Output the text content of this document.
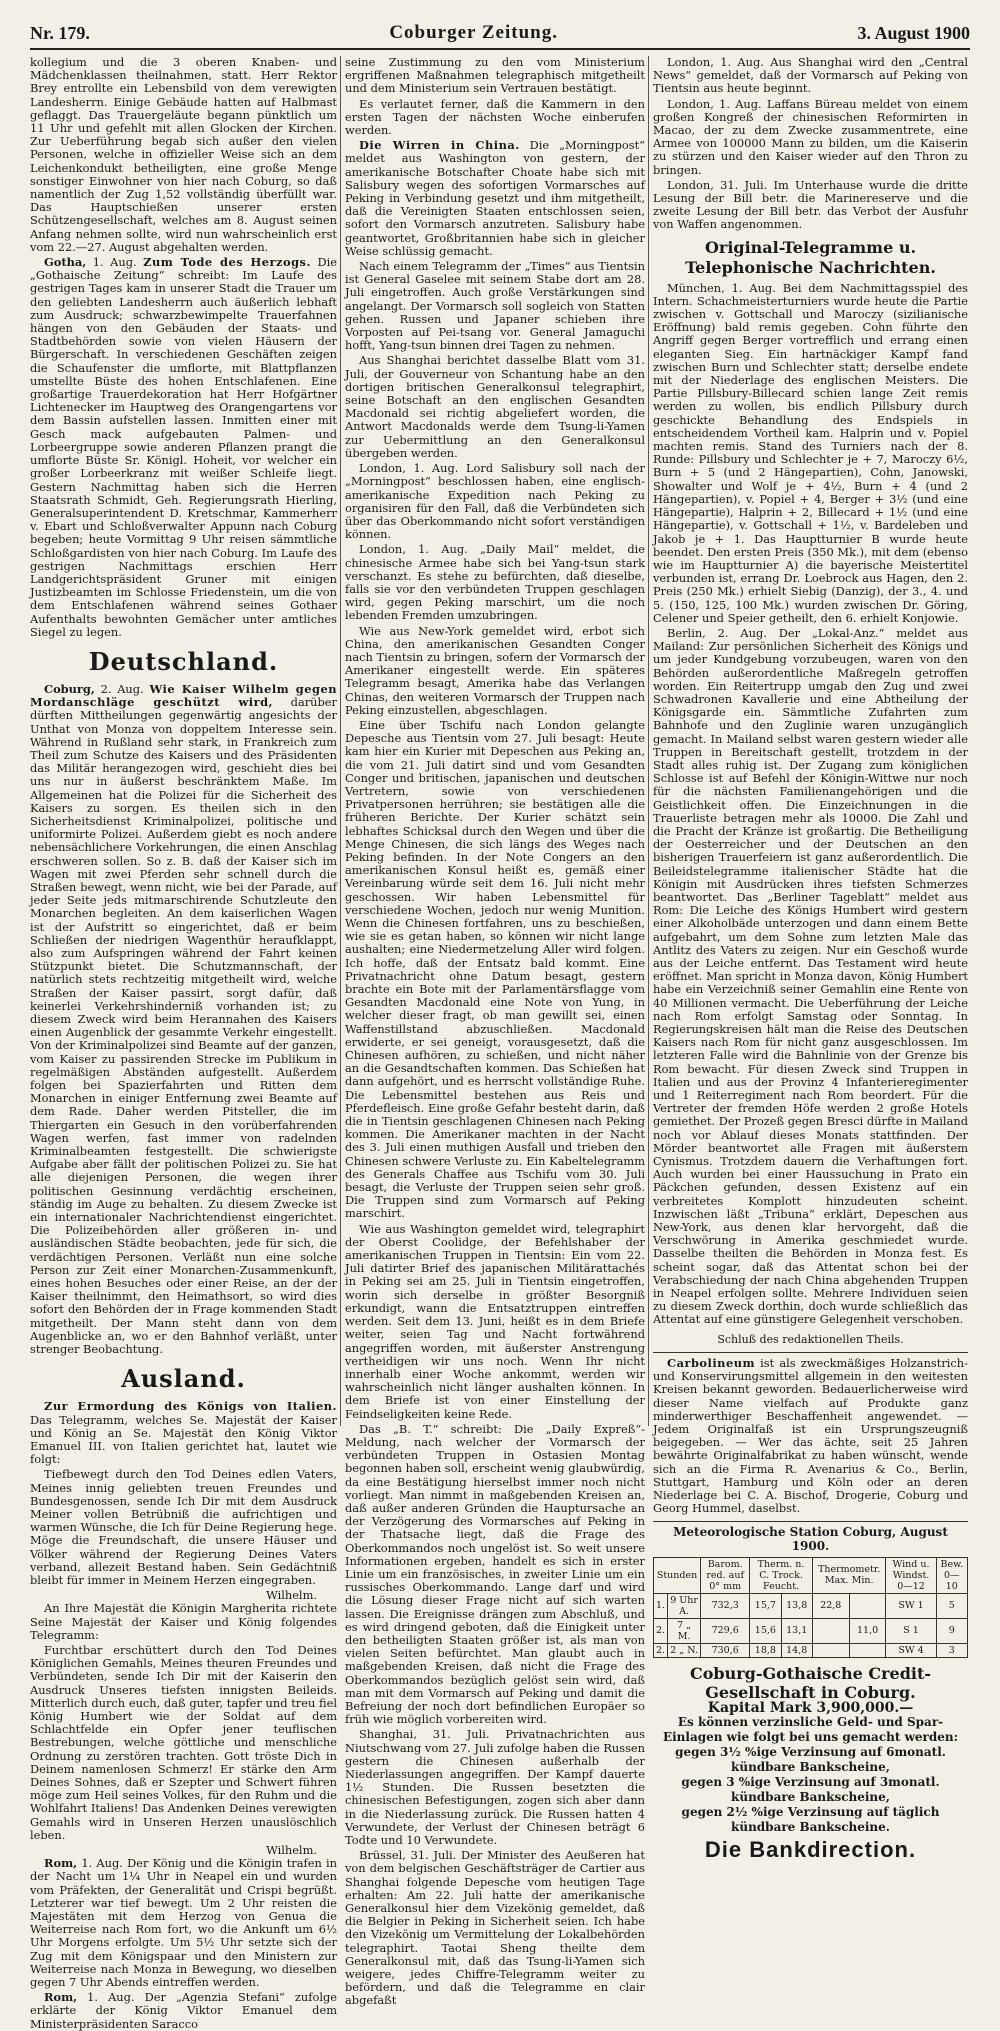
Nr. 179.	Coburger Zeitung.	3. August 1900

kollegium und die 3 oberen Knaben- und Mädchenklassen theilnahmen, statt. Herr Rektor Brey entrollte ein Lebensbild von dem verewigten Landesherrn. Einige Gebäude hatten auf Halbmast geflaggt. Das Trauergeläute begann pünktlich um 11 Uhr und gefehlt mit allen Glocken der Kirchen. Zur Ueberführung begab sich außer den vielen Personen, welche in offizieller Weise sich an dem Leichenkondukt betheiligten, eine große Menge sonstiger Einwohner von hier nach Coburg, so daß namentlich der Zug 1,52 vollständig überfüllt war. Das Hauptschießen unserer ersten Schützengesellschaft, welches am 8. August seinen Anfang nehmen sollte, wird nun wahrscheinlich erst vom 22.—27. August abgehalten werden.

Gotha, 1. Aug. Zum Tode des Herzogs. Die „Gothaische Zeitung“ schreibt: Im Laufe des gestrigen Tages kam in unserer Stadt die Trauer um den geliebten Landesherrn auch äußerlich lebhaft zum Ausdruck; schwarzbewimpelte Trauerfahnen hängen von den Gebäuden der Staats- und Stadtbehörden sowie von vielen Häusern der Bürgerschaft. In verschiedenen Geschäften zeigen die Schaufenster die umflorte, mit Blattpflanzen umstellte Büste des hohen Entschlafenen. Eine großartige Trauerdekoration hat Herr Hofgärtner Lichtenecker im Hauptweg des Orangengartens vor dem Bassin aufstellen lassen. Inmitten einer mit Gesch mack aufgebauten Palmen- und Lorbeergruppe sowie anderen Pflanzen prangt die umflorte Büste Sr. Königl. Hoheit, vor welcher ein großer Lorbeerkranz mit weißer Schleife liegt. Gestern Nachmittag haben sich die Herren Staatsrath Schmidt, Geh. Regierungsrath Hierling, Generalsuperintendent D. Kretschmar, Kammerherr v. Ebart und Schloßverwalter Appunn nach Coburg begeben; heute Vormittag 9 Uhr reisen sämmtliche Schloßgardisten von hier nach Coburg. Im Laufe des gestrigen Nachmittags erschien Herr Landgerichtspräsident Gruner mit einigen Justizbeamten im Schlosse Friedenstein, um die von dem Entschlafenen während seines Gothaer Aufenthalts bewohnten Gemächer unter amtliches Siegel zu legen.

Deutschland.

Coburg, 2. Aug. Wie Kaiser Wilhelm gegen Mordanschläge geschützt wird, darüber dürften Mittheilungen gegenwärtig angesichts der Unthat von Monza von doppeltem Interesse sein. Während in Rußland sehr stark, in Frankreich zum Theil zum Schutze des Kaisers und des Präsidenten das Militär herangezogen wird, geschieht dies bei uns nur in äußerst beschränktem Maße. Im Allgemeinen hat die Polizei für die Sicherheit des Kaisers zu sorgen. Es theilen sich in den Sicherheitsdienst Kriminalpolizei, politische und uniformirte Polizei. Außerdem giebt es noch andere nebensächlichere Vorkehrungen, die einen Anschlag erschweren sollen. So z. B. daß der Kaiser sich im Wagen mit zwei Pferden sehr schnell durch die Straßen bewegt, wenn nicht, wie bei der Parade, auf jeder Seite jeds mitmarschirende Schutzleute den Monarchen begleiten. An dem kaiserlichen Wagen ist der Aufstritt so eingerichtet, daß er beim Schließen der niedrigen Wagenthür heraufklappt, also zum Aufspringen während der Fahrt keinen Stützpunkt bietet. Die Schutzmannschaft, der natürlich stets rechtzeitig mitgetheilt wird, welche Straßen der Kaiser passirt, sorgt dafür, daß keinerlei Verkehrshinderniß vorhanden ist; zu diesem Zweck wird beim Herannahen des Kaisers einen Augenblick der gesammte Verkehr eingestellt. Von der Kriminalpolizei sind Beamte auf der ganzen, vom Kaiser zu passirenden Strecke im Publikum in regelmäßigen Abständen aufgestellt. Außerdem folgen bei Spazierfahrten und Ritten dem Monarchen in einiger Entfernung zwei Beamte auf dem Rade. Daher werden Pitsteller, die im Thiergarten ein Gesuch in den vorüberfahrenden Wagen werfen, fast immer von radelnden Kriminalbeamten festgestellt. Die schwierigste Aufgabe aber fällt der politischen Polizei zu. Sie hat alle diejenigen Personen, die wegen ihrer politischen Gesinnung verdächtig erscheinen, ständig im Auge zu behalten. Zu diesem Zwecke ist ein internationaler Nachrichtendienst eingerichtet. Die Polizeibehörden aller größeren in- und ausländischen Städte beobachten, jede für sich, die verdächtigen Personen. Verläßt nun eine solche Person zur Zeit einer Monarchen-Zusammenkunft, eines hohen Besuches oder einer Reise, an der der Kaiser theilnimmt, den Heimathsort, so wird dies sofort den Behörden der in Frage kommenden Stadt mitgetheilt. Der Mann steht dann von dem Augenblicke an, wo er den Bahnhof verläßt, unter strenger Beobachtung.

Ausland.

Zur Ermordung des Königs von Italien. Das Telegramm, welches Se. Majestät der Kaiser und König an Se. Majestät den König Viktor Emanuel III. von Italien gerichtet hat, lautet wie folgt:

Tiefbewegt durch den Tod Deines edlen Vaters, Meines innig geliebten treuen Freundes und Bundesgenossen, sende Ich Dir mit dem Ausdruck Meiner vollen Betrübniß die aufrichtigen und warmen Wünsche, die Ich für Deine Regierung hege. Möge die Freundschaft, die unsere Häuser und Völker während der Regierung Deines Vaters verband, allezeit Bestand haben. Sein Gedächtniß bleibt für immer in Meinem Herzen eingegraben.

Wilhelm.

An Ihre Majestät die Königin Margherita richtete Seine Majestät der Kaiser und König folgendes Telegramm:

Furchtbar erschüttert durch den Tod Deines Königlichen Gemahls, Meines theuren Freundes und Verbündeten, sende Ich Dir mit der Kaiserin den Ausdruck Unseres tiefsten innigsten Beileids. Mitterlich durch euch, daß guter, tapfer und treu fiel König Humbert wie der Soldat auf dem Schlachtfelde ein Opfer jener teuflischen Bestrebungen, welche göttliche und menschliche Ordnung zu zerstören trachten. Gott tröste Dich in Deinem namenlosen Schmerz! Er stärke den Arm Deines Sohnes, daß er Szepter und Schwert führen möge zum Heil seines Volkes, für den Ruhm und die Wohlfahrt Italiens! Das Andenken Deines verewigten Gemahls wird in Unseren Herzen unauslöschlich leben.

Wilhelm.

Rom, 1. Aug. Der König und die Königin trafen in der Nacht um 1¼ Uhr in Neapel ein und wurden vom Präfekten, der Generalität und Crispi begrüßt. Letzterer war tief bewegt. Um 2 Uhr reisten die Majestäten mit dem Herzog von Genua die Weiterreise nach Rom fort, wo die Ankunft um 6½ Uhr Morgens erfolgte. Um 5½ Uhr setzte sich der Zug mit dem Königspaar und den Ministern zur Weiterreise nach Monza in Bewegung, wo dieselben gegen 7 Uhr Abends eintreffen werden.

Rom, 1. Aug. Der „Agenzia Stefani“ zufolge erklärte der König Viktor Emanuel dem Ministerpräsidenten Saracco

seine Zustimmung zu den vom Ministerium ergriffenen Maßnahmen telegraphisch mitgetheilt und dem Ministerium sein Vertrauen bestätigt.

Es verlautet ferner, daß die Kammern in den ersten Tagen der nächsten Woche einberufen werden.

Die Wirren in China. Die „Morningpost“ meldet aus Washington von gestern, der amerikanische Botschafter Choate habe sich mit Salisbury wegen des sofortigen Vormarsches auf Peking in Verbindung gesetzt und ihm mitgetheilt, daß die Vereinigten Staaten entschlossen seien, sofort den Vormarsch anzutreten. Salisbury habe geantwortet, Großbritannien habe sich in gleicher Weise schlüssig gemacht.

Nach einem Telegramm der „Times“ aus Tientsin ist General Gaselee mit seinem Stabe dort am 28. Juli eingetroffen. Auch große Verstärkungen sind angelangt. Der Vormarsch soll sogleich von Statten gehen. Russen und Japaner schieben ihre Vorposten auf Pei-tsang vor. General Jamaguchi hofft, Yang-tsun binnen drei Tagen zu nehmen.

Aus Shanghai berichtet dasselbe Blatt vom 31. Juli, der Gouverneur von Schantung habe an den dortigen britischen Generalkonsul telegraphirt, seine Botschaft an den englischen Gesandten Macdonald sei richtig abgeliefert worden, die Antwort Macdonalds werde dem Tsung-li-Yamen zur Uebermittlung an den Generalkonsul übergeben werden.

London, 1. Aug. Lord Salisbury soll nach der „Morningpost“ beschlossen haben, eine englisch-amerikanische Expedition nach Peking zu organisiren für den Fall, daß die Verbündeten sich über das Oberkommando nicht sofort verständigen können.

London, 1. Aug. „Daily Mail“ meldet, die chinesische Armee habe sich bei Yang-tsun stark verschanzt. Es stehe zu befürchten, daß dieselbe, falls sie vor den verbündeten Truppen geschlagen wird, gegen Peking marschirt, um die noch lebenden Fremden umzubringen.

Wie aus New-York gemeldet wird, erbot sich China, den amerikanischen Gesandten Conger nach Tientsin zu bringen, sofern der Vormarsch der Amerikaner eingestellt werde. Ein späteres Telegramm besagt, Amerika habe das Verlangen Chinas, den weiteren Vormarsch der Truppen nach Peking einzustellen, abgeschlagen.

Eine über Tschifu nach London gelangte Depesche aus Tientsin vom 27. Juli besagt: Heute kam hier ein Kurier mit Depeschen aus Peking an, die vom 21. Juli datirt sind und vom Gesandten Conger und britischen, japanischen und deutschen Vertretern, sowie von verschiedenen Privatpersonen herrühren; sie bestätigen alle die früheren Berichte. Der Kurier schätzt sein lebhaftes Schicksal durch den Wegen und über die Menge Chinesen, die sich längs des Weges nach Peking befinden. In der Note Congers an den amerikanischen Konsul heißt es, gemäß einer Vereinbarung würde seit dem 16. Juli nicht mehr geschossen. Wir haben Lebensmittel für verschiedene Wochen, jedoch nur wenig Munition. Wenn die Chinesen fortfahren, uns zu beschießen, wie sie es getan haben, so können wir nicht lange aushalten; eine Niedermetzelung Aller wird folgen. Ich hoffe, daß der Entsatz bald kommt. Eine Privatnachricht ohne Datum besagt, gestern brachte ein Bote mit der Parlamentärsflagge vom Gesandten Macdonald eine Note von Yung, in welcher dieser fragt, ob man gewillt sei, einen Waffenstillstand abzuschließen. Macdonald erwiderte, er sei geneigt, vorausgesetzt, daß die Chinesen aufhören, zu schießen, und nicht näher an die Gesandtschaften kommen. Das Schießen hat dann aufgehört, und es herrscht vollständige Ruhe. Die Lebensmittel bestehen aus Reis und Pferdefleisch. Eine große Gefahr besteht darin, daß die in Tientsin geschlagenen Chinesen nach Peking kommen. Die Amerikaner machten in der Nacht des 3. Juli einen muthigen Ausfall und trieben den Chinesen schwere Verluste zu. Ein Kabeltelegramm des Generals Chaffee aus Tschifu vom 30. Juli besagt, die Verluste der Truppen seien sehr groß. Die Truppen sind zum Vormarsch auf Peking marschirt.

Wie aus Washington gemeldet wird, telegraphirt der Oberst Coolidge, der Befehlshaber der amerikanischen Truppen in Tientsin: Ein vom 22. Juli datirter Brief des japanischen Militärattachés in Peking sei am 25. Juli in Tientsin eingetroffen, worin sich derselbe in größter Besorgniß erkundigt, wann die Entsatztruppen eintreffen werden. Seit dem 13. Juni, heißt es in dem Briefe weiter, seien Tag und Nacht fortwährend angegriffen worden, mit äußerster Anstrengung vertheidigen wir uns noch. Wenn Ihr nicht innerhalb einer Woche ankommt, werden wir wahrscheinlich nicht länger aushalten können. In dem Briefe ist von einer Einstellung der Feindseligkeiten keine Rede.

Das „B. T.“ schreibt: Die „Daily Expreß“-Meldung, nach welcher der Vormarsch der verbündeten Truppen in Ostasien Montag begonnen haben soll, erscheint wenig glaubwürdig, da eine Bestätigung hierselbst immer noch nicht vorliegt. Man nimmt in maßgebenden Kreisen an, daß außer anderen Gründen die Hauptursache an der Verzögerung des Vormarsches auf Peking in der Thatsache liegt, daß die Frage des Oberkommandos noch ungelöst ist. So weit unsere Informationen ergeben, handelt es sich in erster Linie um ein französisches, in zweiter Linie um ein russisches Oberkommando. Lange darf und wird die Lösung dieser Frage nicht auf sich warten lassen. Die Ereignisse drängen zum Abschluß, und es wird dringend geboten, daß die Einigkeit unter den betheiligten Staaten größer ist, als man von vielen Seiten befürchtet. Man glaubt auch in maßgebenden Kreisen, daß nicht die Frage des Oberkommandos bezüglich gelöst sein wird, daß man mit dem Vormarsch auf Peking und damit die Befreiung der noch dort befindlichen Europäer so früh wie möglich vorbereiten wird.

Shanghai, 31. Juli. Privatnachrichten aus Niutschwang vom 27. Juli zufolge haben die Russen gestern die Chinesen außerhalb der Niederlassungen angegriffen. Der Kampf dauerte 1½ Stunden. Die Russen besetzten die chinesischen Befestigungen, zogen sich aber dann in die Niederlassung zurück. Die Russen hatten 4 Verwundete, der Verlust der Chinesen beträgt 6 Todte und 10 Verwundete.

Brüssel, 31. Juli. Der Minister des Aeußeren hat von dem belgischen Geschäftsträger de Cartier aus Shanghai folgende Depesche vom heutigen Tage erhalten: Am 22. Juli hatte der amerikanische Generalkonsul hier dem Vizekönig gemeldet, daß die Belgier in Peking in Sicherheit seien. Ich habe den Vizekönig um Vermittelung der Lokalbehörden telegraphirt. Taotai Sheng theilte dem Generalkonsul mit, daß das Tsung-li-Yamen sich weigere, jedes Chiffre-Telegramm weiter zu befördern, und daß die Telegramme en clair abgefaßt

London, 1. Aug. Aus Shanghai wird den „Central News“ gemeldet, daß der Vormarsch auf Peking von Tientsin aus heute beginnt.

London, 1. Aug. Laffans Büreau meldet von einem großen Kongreß der chinesischen Reformirten in Macao, der zu dem Zwecke zusammentrete, eine Armee von 100000 Mann zu bilden, um die Kaiserin zu stürzen und den Kaiser wieder auf den Thron zu bringen.

London, 31. Juli. Im Unterhause wurde die dritte Lesung der Bill betr. die Marinereserve und die zweite Lesung der Bill betr. das Verbot der Ausfuhr von Waffen angenommen.

Original-Telegramme u. Telephonische Nachrichten.

München, 1. Aug. Bei dem Nachmittagsspiel des Intern. Schachmeisterturniers wurde heute die Partie zwischen v. Gottschall und Maroczy (sizilianische Eröffnung) bald remis gegeben. Cohn führte den Angriff gegen Berger vortrefflich und errang einen eleganten Sieg. Ein hartnäckiger Kampf fand zwischen Burn und Schlechter statt; derselbe endete mit der Niederlage des englischen Meisters. Die Partie Pillsbury-Billecard schien lange Zeit remis werden zu wollen, bis endlich Pillsbury durch geschickte Behandlung des Endspiels in entscheidendem Vortheil kam. Halprin und v. Popiel machten remis. Stand des Turniers nach der 8. Runde: Pillsbury und Schlechter je + 7, Maroczy 6½, Burn + 5 (und 2 Hängepartien), Cohn, Janowski, Showalter und Wolf je + 4½, Burn + 4 (und 2 Hängepartien), v. Popiel + 4, Berger + 3½ (und eine Hängepartie), Halprin + 2, Billecard + 1½ (und eine Hängepartie), v. Gottschall + 1½, v. Bardeleben und Jakob je + 1. Das Hauptturnier B wurde heute beendet. Den ersten Preis (350 Mk.), mit dem (ebenso wie im Hauptturnier A) die bayerische Meistertitel verbunden ist, errang Dr. Loebrock aus Hagen, den 2. Preis (250 Mk.) erhielt Siebig (Danzig), der 3., 4. und 5. (150, 125, 100 Mk.) wurden zwischen Dr. Göring, Celener und Speier getheilt, den 6. erhielt Konjowie.

Berlin, 2. Aug. Der „Lokal-Anz.“ meldet aus Mailand: Zur persönlichen Sicherheit des Königs und um jeder Kundgebung vorzubeugen, waren von den Behörden außerordentliche Maßregeln getroffen worden. Ein Reitertrupp umgab den Zug und zwei Schwadronen Kavallerie und eine Abtheilung der Königsgarde ein. Sämmtliche Zufahrten zum Bahnhofe und den Zuglinie waren unzugänglich gemacht. In Mailand selbst waren gestern wieder alle Truppen in Bereitschaft gestellt, trotzdem in der Stadt alles ruhig ist. Der Zugang zum königlichen Schlosse ist auf Befehl der Königin-Wittwe nur noch für die nächsten Familienangehörigen und die Geistlichkeit offen. Die Einzeichnungen in die Trauerliste betragen mehr als 10000. Die Zahl und die Pracht der Kränze ist großartig. Die Betheiligung der Oesterreicher und der Deutschen an den bisherigen Trauerfeiern ist ganz außerordentlich. Die Beileidstelegramme italienischer Städte hat die Königin mit Ausdrücken ihres tiefsten Schmerzes beantwortet. Das „Berliner Tageblatt“ meldet aus Rom: Die Leiche des Königs Humbert wird gestern einer Alkoholbäde unterzogen und dann einem Bette aufgebahrt, um dem Sohne zum letzten Male das Antlitz des Vaters zu zeigen. Nur ein Geschoß wurde aus der Leiche entfernt. Das Testament wird heute eröffnet. Man spricht in Monza davon, König Humbert habe ein Verzeichniß seiner Gemahlin eine Rente von 40 Millionen vermacht. Die Ueberführung der Leiche nach Rom erfolgt Samstag oder Sonntag. In Regierungskreisen hält man die Reise des Deutschen Kaisers nach Rom für nicht ganz ausgeschlossen. Im letzteren Falle wird die Bahnlinie von der Grenze bis Rom bewacht. Für diesen Zweck sind Truppen in Italien und aus der Provinz 4 Infanterieregimenter und 1 Reiterregiment nach Rom beordert. Für die Vertreter der fremden Höfe werden 2 große Hotels gemiethet. Der Prozeß gegen Bresci dürfte in Mailand noch vor Ablauf dieses Monats stattfinden. Der Mörder beantwortet alle Fragen mit äußerstem Cynismus. Trotzdem dauern die Verhaftungen fort. Auch wurden bei einer Haussuchung in Prato ein Päckchen gefunden, dessen Existenz auf ein verbreitetes Komplott hinzudeuten scheint. Inzwischen läßt „Tribuna“ erklärt, Depeschen aus New-York, aus denen klar hervorgeht, daß die Verschwörung in Amerika geschmiedet wurde. Dasselbe theilten die Behörden in Monza fest. Es scheint sogar, daß das Attentat schon bei der Verabschiedung der nach China abgehenden Truppen in Neapel erfolgen sollte. Mehrere Individuen seien zu diesem Zweck dorthin, doch wurde schließlich das Attentat auf eine günstigere Gelegenheit verschoben.

Schluß des redaktionellen Theils.

Carbolineum ist als zweckmäßiges Holzanstrich- und Konservirungsmittel allgemein in den weitesten Kreisen bekannt geworden. Bedauerlicherweise wird dieser Name vielfach auf Produkte ganz minderwerthiger Beschaffenheit angewendet. — Jedem Originalfaß ist ein Ursprungszeugniß beigegeben. — Wer das ächte, seit 25 Jahren bewährte Originalfabrikat zu haben wünscht, wende sich an die Firma R. Avenarius & Co., Berlin, Stuttgart, Hamburg und Köln oder an deren Niederlage bei C. A. Bischof, Drogerie, Coburg und Georg Hummel, daselbst.

Meteorologische Station Coburg, August 1900.
Stunden		Barom. red. auf 0° mm	Therm. n. C. Trock. Feucht.		Thermometr. Max. Min.		Wind u. Windst. 0—12	Bew. 0—10
1.	9 Uhr A.	732,3	15,7	13,8	22,8		SW 1	5
2.	7 „ M.	729,6	15,6	13,1		11,0	S 1	9
2.	2 „ N.	730,6	18,8	14,8			SW 4	3
Coburg-Gothaische Credit-Gesellschaft in Coburg.
Kapital Mark 3,900,000.—
Es können verzinsliche Geld- und Spar-Einlagen wie folgt bei uns gemacht werden:
gegen 3½ %ige Verzinsung auf 6monatl. kündbare Bankscheine,
gegen 3 %ige Verzinsung auf 3monatl. kündbare Bankscheine,
gegen 2½ %ige Verzinsung auf täglich kündbare Bankscheine.
Die Bankdirection.
